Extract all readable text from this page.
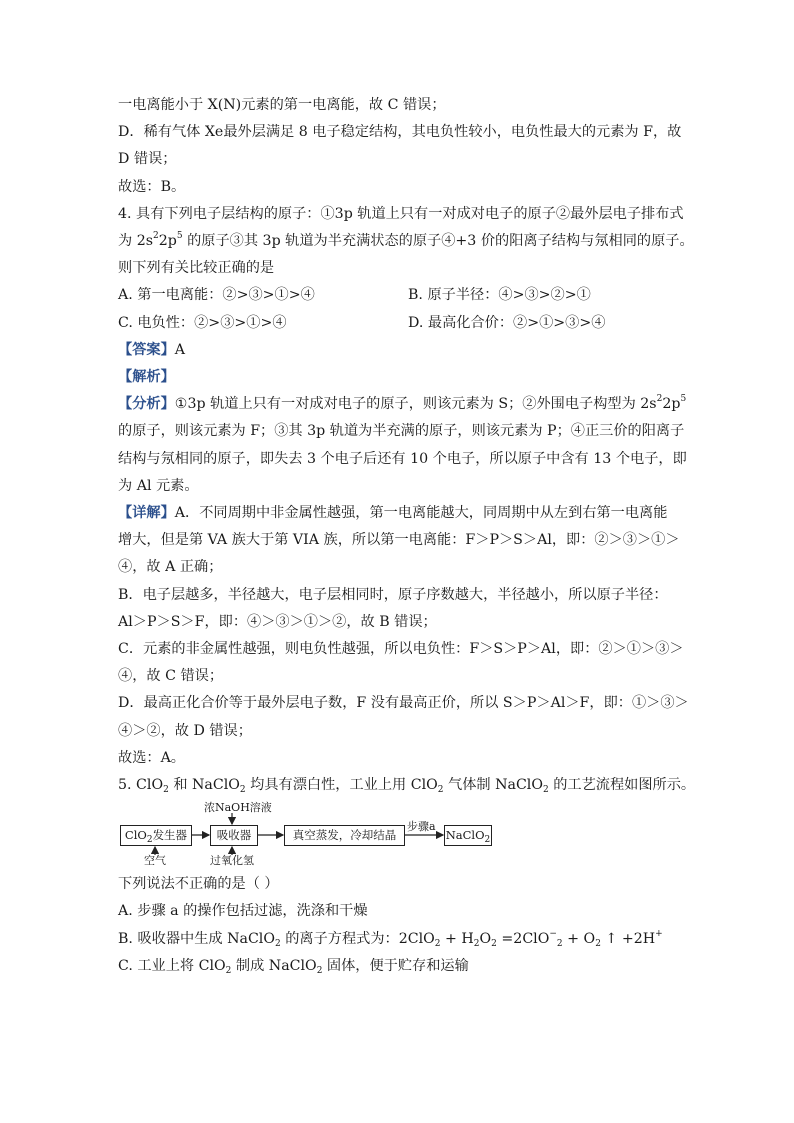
一电离能小于 X(N)元素的第一电离能，故 C 错误；
D．稀有气体 Xe最外层满足 8 电子稳定结构，其电负性较小，电负性最大的元素为 F，故
D 错误；
故选：B。
4. 具有下列电子层结构的原子：①3p 轨道上只有一对成对电子的原子②最外层电子排布式
为 $2s^22p^5$ 的原子③其 3p 轨道为半充满状态的原子④+3 价的阳离子结构与氖相同的原子。
则下列有关比较正确的是
A. 第一电离能：②>③>①>④	B. 原子半径：④>③>②>①
C. 电负性：②>③>①>④	D. 最高化合价：②>①>③>④
【答案】A
【解析】
【分析】①3p 轨道上只有一对成对电子的原子，则该元素为 S；②外围电子构型为 $2s^22p^5$
的原子，则该元素为 F；③其 3p 轨道为半充满的原子，则该元素为 P；④正三价的阳离子
结构与氖相同的原子，即失去 3 个电子后还有 10 个电子，所以原子中含有 13 个电子，即
为 Al 元素。
【详解】A．不同周期中非金属性越强，第一电离能越大，同周期中从左到右第一电离能
增大，但是第 VA 族大于第 VIA 族，所以第一电离能：F＞P＞S＞Al，即：②＞③＞①＞
④，故 A 正确；
B．电子层越多，半径越大，电子层相同时，原子序数越大，半径越小，所以原子半径：
Al＞P＞S＞F，即：④＞③＞①＞②，故 B 错误；
C．元素的非金属性越强，则电负性越强，所以电负性：F＞S＞P＞Al，即：②＞①＞③＞
④，故 C 错误；
D．最高正化合价等于最外层电子数，F 没有最高正价，所以 S＞P＞Al＞F，即：①＞③＞
④＞②，故 D 错误；
故选：A。
5. ClO$_2$ 和 NaClO$_2$ 均具有漂白性，工业上用 ClO$_2$ 气体制 NaClO$_2$ 的工艺流程如图所示。
ClO$_2$发生器	吸收器	真空蒸发，冷却结晶	NaClO$_2$
浓NaOH溶液
空气	过氧化氢
步骤a
下列说法不正确的是（ ）
A. 步骤 a 的操作包括过滤，洗涤和干燥
B. 吸收器中生成 NaClO$_2$ 的离子方程式为：$2ClO_2 + H_2O_2 =2ClO^-_2 + O_2$ ↑ +2H+
C. 工业上将 ClO$_2$ 制成 NaClO$_2$ 固体，便于贮存和运输
